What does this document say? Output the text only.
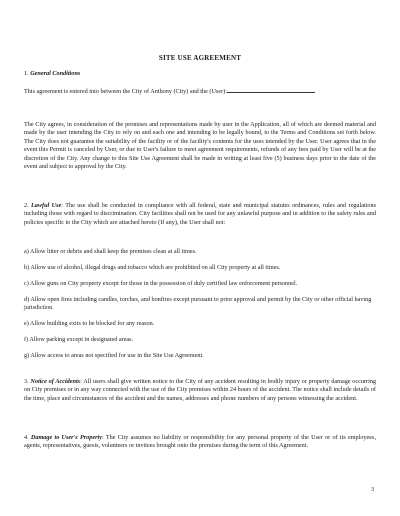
SITE USE AGREEMENT
1. General Conditions
This agreement is entered into between the City of Anthony (City) and the (User):
The City agrees, in consideration of the promises and representations made by user in the Application, all of which are deemed material and made by the user intending the City to rely on and each one and intending to be legally bound, to the Terms and Conditions set forth below. The City does not guarantee the suitability of the facility or of the facility's contents for the uses intended by the User. User agrees that in the event this Permit is canceled by User, or due to User's failure to meet agreement requirements, refunds of any fees paid by User will be at the discretion of the City. Any change to this Site Use Agreement shall be made in writing at least five (5) business days prior to the date of the event and subject to approval by the City.
2. Lawful Use: The use shall be conducted in compliance with all federal, state and municipal statutes ordinances, rules and regulations including those with regard to discrimination. City facilities shall not be used for any unlawful purpose and in addition to the safety rules and policies specific to the City which are attached hereto (If any), the User shall not:
a) Allow litter or debris and shall keep the premises clean at all times.
b) Allow use of alcohol, illegal drugs and tobacco which are prohibited on all City property at all times.
c) Allow guns on City property except for those in the possession of duly certified law enforcement personnel.
d) Allow open fires including candles, torches, and bonfires except pursuant to prior approval and permit by the City or other official having jurisdiction.
e) Allow building exits to be blocked for any reason.
f) Allow parking except in designated areas.
g) Allow access to areas not specified for use in the Site Use Agreement.
3. Notice of Accidents: All users shall give written notice to the City of any accident resulting in bodily injury or property damage occurring on City premises or in any way connected with the use of the City premises within 24 hours of the accident. The notice shall include details of the time, place and circumstances of the accident and the names, addresses and phone numbers of any persons witnessing the accident.
4. Damage to User's Property: The City assumes no liability or responsibility for any personal property of the User or of its employees, agents, representatives, guests, volunteers or invitees brought onto the premises during the term of this Agreement.
3
